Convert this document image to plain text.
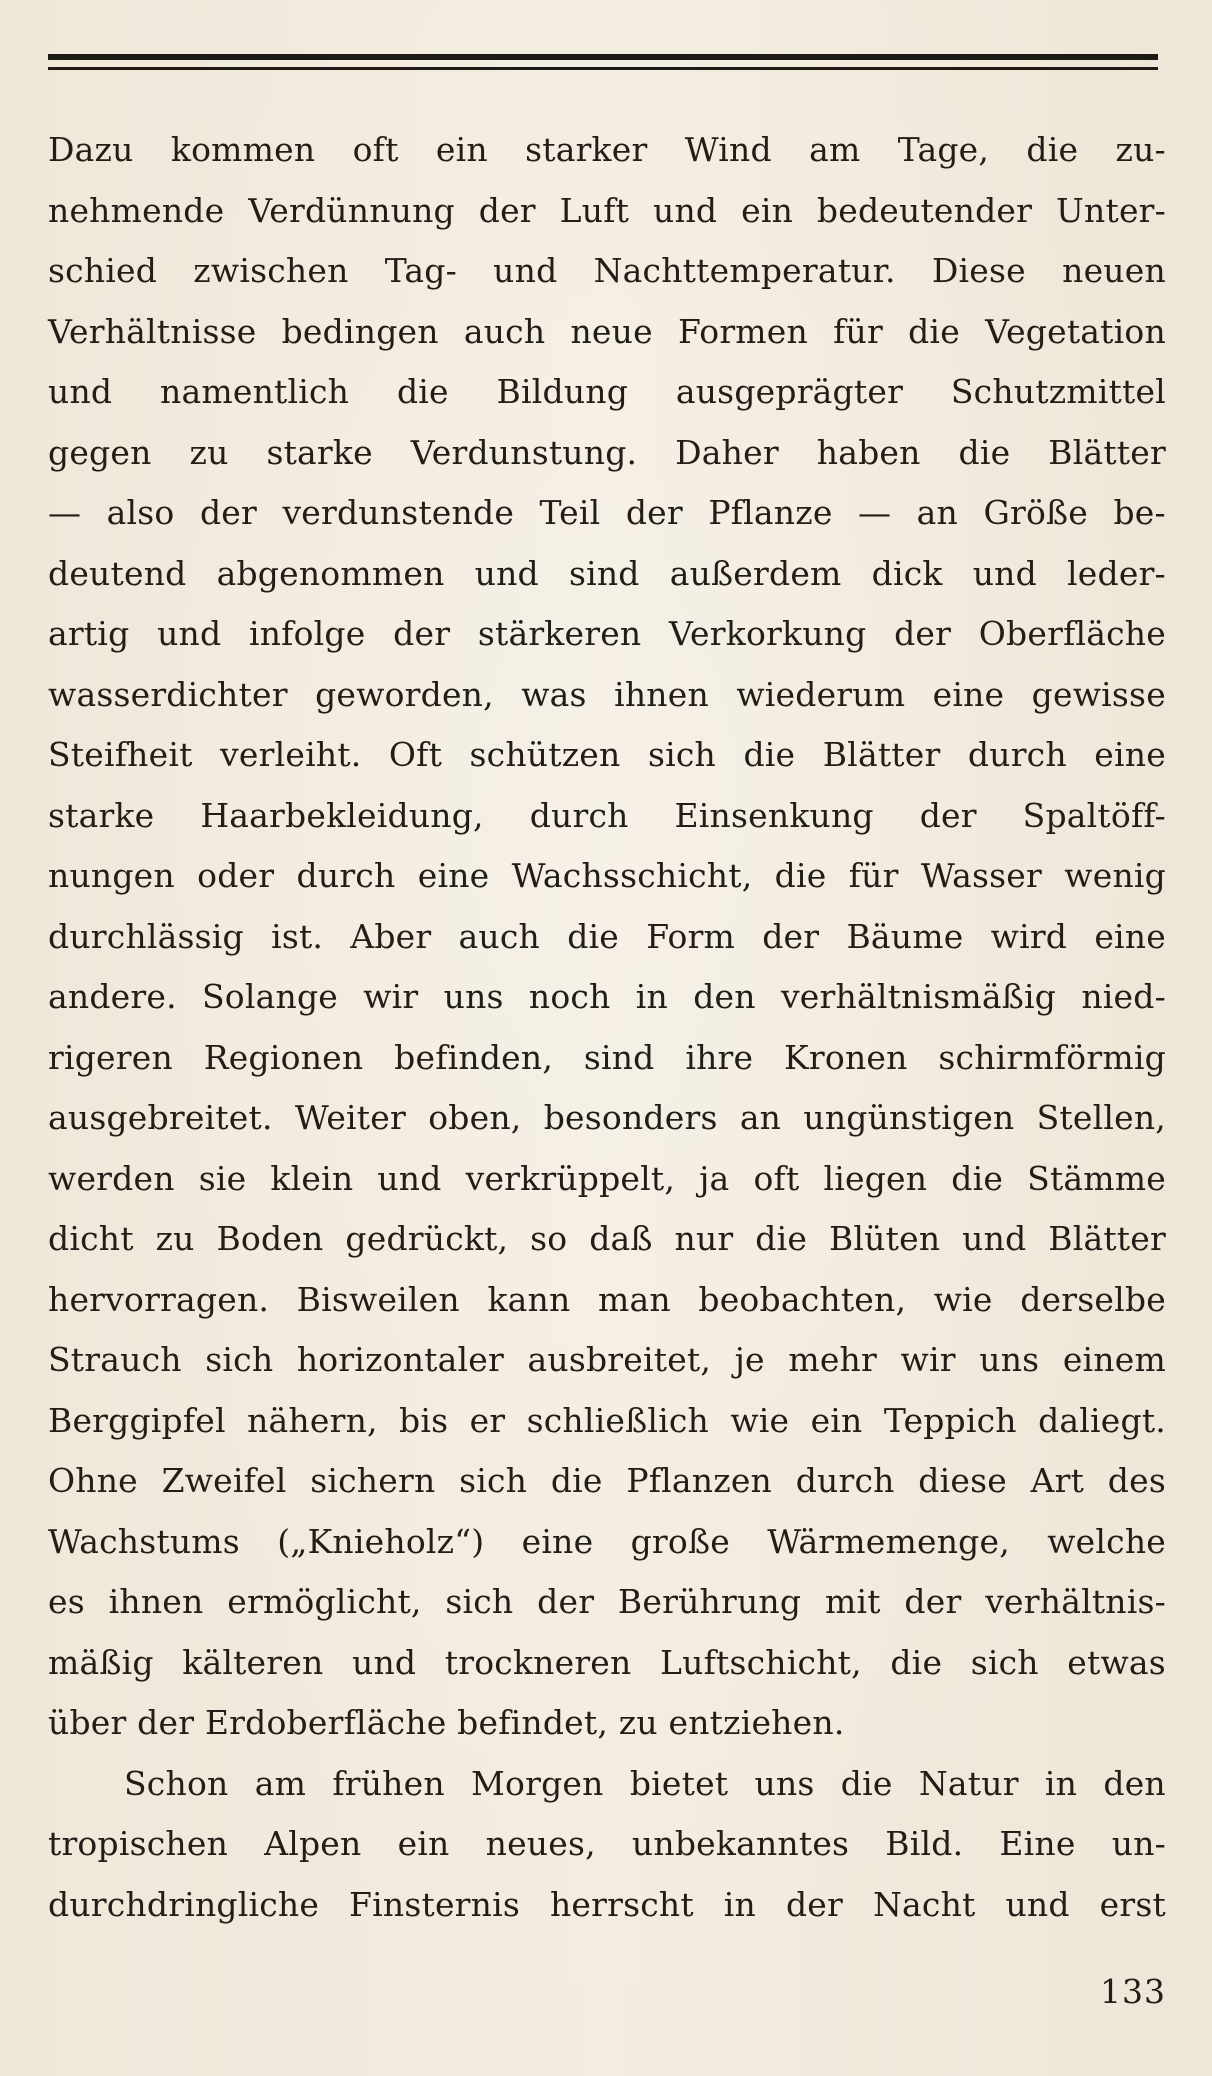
Dazu kommen oft ein starker Wind am Tage, die zu-
nehmende Verdünnung der Luft und ein bedeutender Unter-
schied zwischen Tag- und Nachttemperatur. Diese neuen
Verhältnisse bedingen auch neue Formen für die Vegetation
und namentlich die Bildung ausgeprägter Schutzmittel
gegen zu starke Verdunstung. Daher haben die Blätter
— also der verdunstende Teil der Pflanze — an Größe be-
deutend abgenommen und sind außerdem dick und leder-
artig und infolge der stärkeren Verkorkung der Oberfläche
wasserdichter geworden, was ihnen wiederum eine gewisse
Steifheit verleiht. Oft schützen sich die Blätter durch eine
starke Haarbekleidung, durch Einsenkung der Spaltöff-
nungen oder durch eine Wachsschicht, die für Wasser wenig
durchlässig ist. Aber auch die Form der Bäume wird eine
andere. Solange wir uns noch in den verhältnismäßig nied-
rigeren Regionen befinden, sind ihre Kronen schirmförmig
ausgebreitet. Weiter oben, besonders an ungünstigen Stellen,
werden sie klein und verkrüppelt, ja oft liegen die Stämme
dicht zu Boden gedrückt, so daß nur die Blüten und Blätter
hervorragen. Bisweilen kann man beobachten, wie derselbe
Strauch sich horizontaler ausbreitet, je mehr wir uns einem
Berggipfel nähern, bis er schließlich wie ein Teppich daliegt.
Ohne Zweifel sichern sich die Pflanzen durch diese Art des
Wachstums („Knieholz“) eine große Wärmemenge, welche
es ihnen ermöglicht, sich der Berührung mit der verhältnis-
mäßig kälteren und trockneren Luftschicht, die sich etwas
über der Erdoberfläche befindet, zu entziehen.
Schon am frühen Morgen bietet uns die Natur in den
tropischen Alpen ein neues, unbekanntes Bild. Eine un-
durchdringliche Finsternis herrscht in der Nacht und erst
133
